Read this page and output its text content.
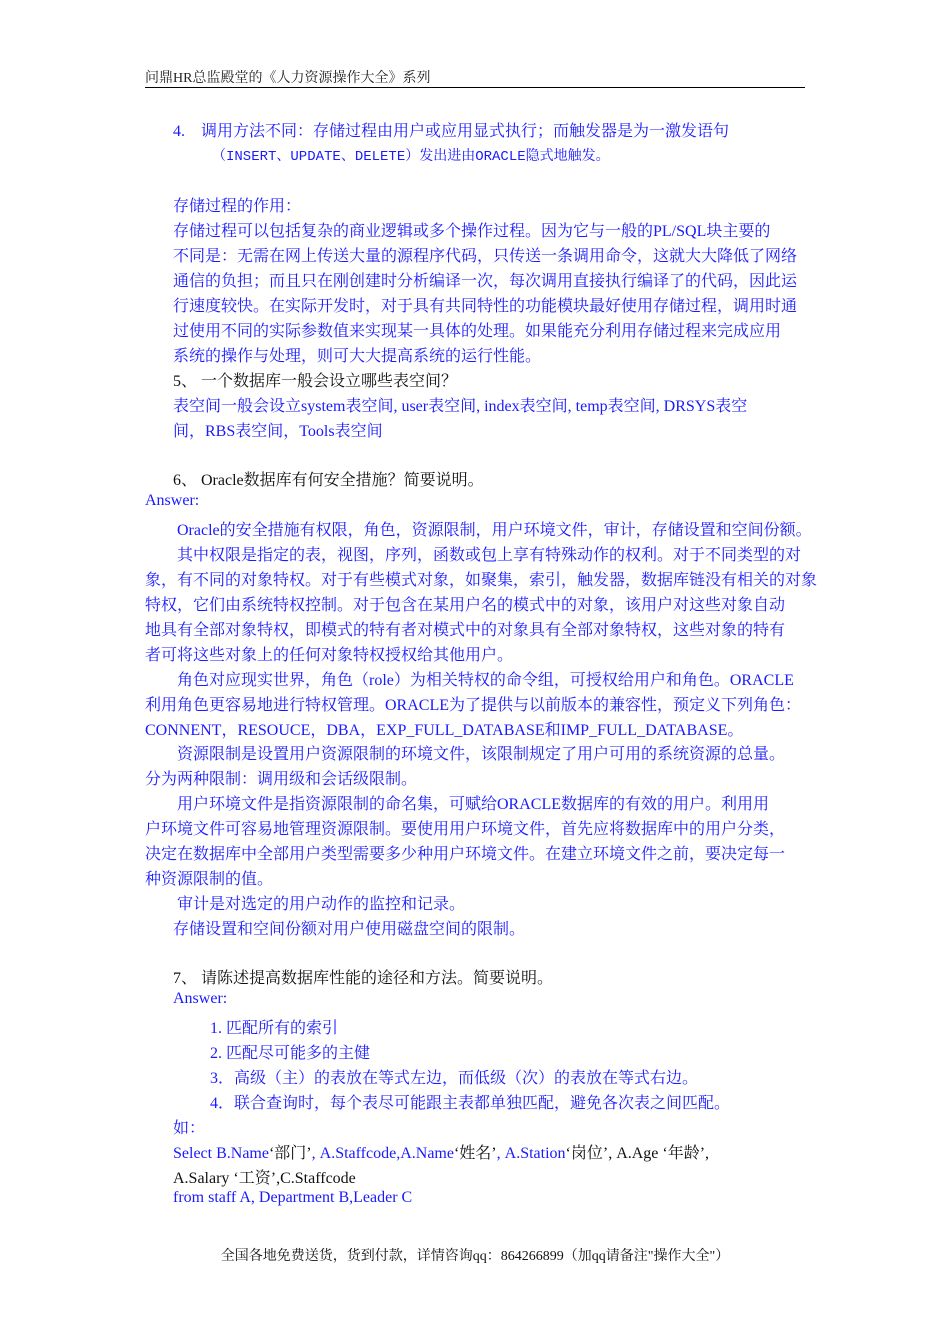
问鼎HR总监殿堂的《人力资源操作大全》系列
4.　调用方法不同：存储过程由用户或应用显式执行；而触发器是为一激发语句
（INSERT、UPDATE、DELETE）发出进由ORACLE隐式地触发。
存储过程的作用：
存储过程可以包括复杂的商业逻辑或多个操作过程。因为它与一般的PL/SQL块主要的
不同是：无需在网上传送大量的源程序代码，只传送一条调用命令，这就大大降低了网络
通信的负担；而且只在刚创建时分析编译一次，每次调用直接执行编译了的代码，因此运
行速度较快。在实际开发时，对于具有共同特性的功能模块最好使用存储过程，调用时通
过使用不同的实际参数值来实现某一具体的处理。如果能充分利用存储过程来完成应用
系统的操作与处理，则可大大提高系统的运行性能。
5、 一个数据库一般会设立哪些表空间？
表空间一般会设立system表空间, user表空间, index表空间, temp表空间, DRSYS表空
间，RBS表空间，Tools表空间
6、 Oracle数据库有何安全措施？简要说明。
Answer:
Oracle的安全措施有权限，角色，资源限制，用户环境文件，审计，存储设置和空间份额。
其中权限是指定的表，视图，序列，函数或包上享有特殊动作的权利。对于不同类型的对
象，有不同的对象特权。对于有些模式对象，如聚集，索引，触发器，数据库链没有相关的对象
特权，它们由系统特权控制。对于包含在某用户名的模式中的对象，该用户对这些对象自动
地具有全部对象特权，即模式的特有者对模式中的对象具有全部对象特权，这些对象的特有
者可将这些对象上的任何对象特权授权给其他用户。
角色对应现实世界，角色（role）为相关特权的命令组，可授权给用户和角色。ORACLE
利用角色更容易地进行特权管理。ORACLE为了提供与以前版本的兼容性，预定义下列角色：
CONNENT，RESOUCE，DBA，EXP_FULL_DATABASE和IMP_FULL_DATABASE。
资源限制是设置用户资源限制的环境文件，该限制规定了用户可用的系统资源的总量。
分为两种限制：调用级和会话级限制。
用户环境文件是指资源限制的命名集，可赋给ORACLE数据库的有效的用户。利用用
户环境文件可容易地管理资源限制。要使用用户环境文件，首先应将数据库中的用户分类，
决定在数据库中全部用户类型需要多少种用户环境文件。在建立环境文件之前，要决定每一
种资源限制的值。
审计是对选定的用户动作的监控和记录。
存储设置和空间份额对用户使用磁盘空间的限制。
7、 请陈述提高数据库性能的途径和方法。简要说明。
Answer:
1. 匹配所有的索引
2. 匹配尽可能多的主健
3．高级（主）的表放在等式左边，而低级（次）的表放在等式右边。
4．联合查询时，每个表尽可能跟主表都单独匹配，避免各次表之间匹配。
如：
Select B.Name‘部门’, A.Staffcode,A.Name‘姓名’, A.Station‘岗位’, A.Age ‘年龄’,
A.Salary ‘工资’,C.Staffcode
from staff A, Department B,Leader C
全国各地免费送货，货到付款，详情咨询qq：864266899（加qq请备注"操作大全"）
